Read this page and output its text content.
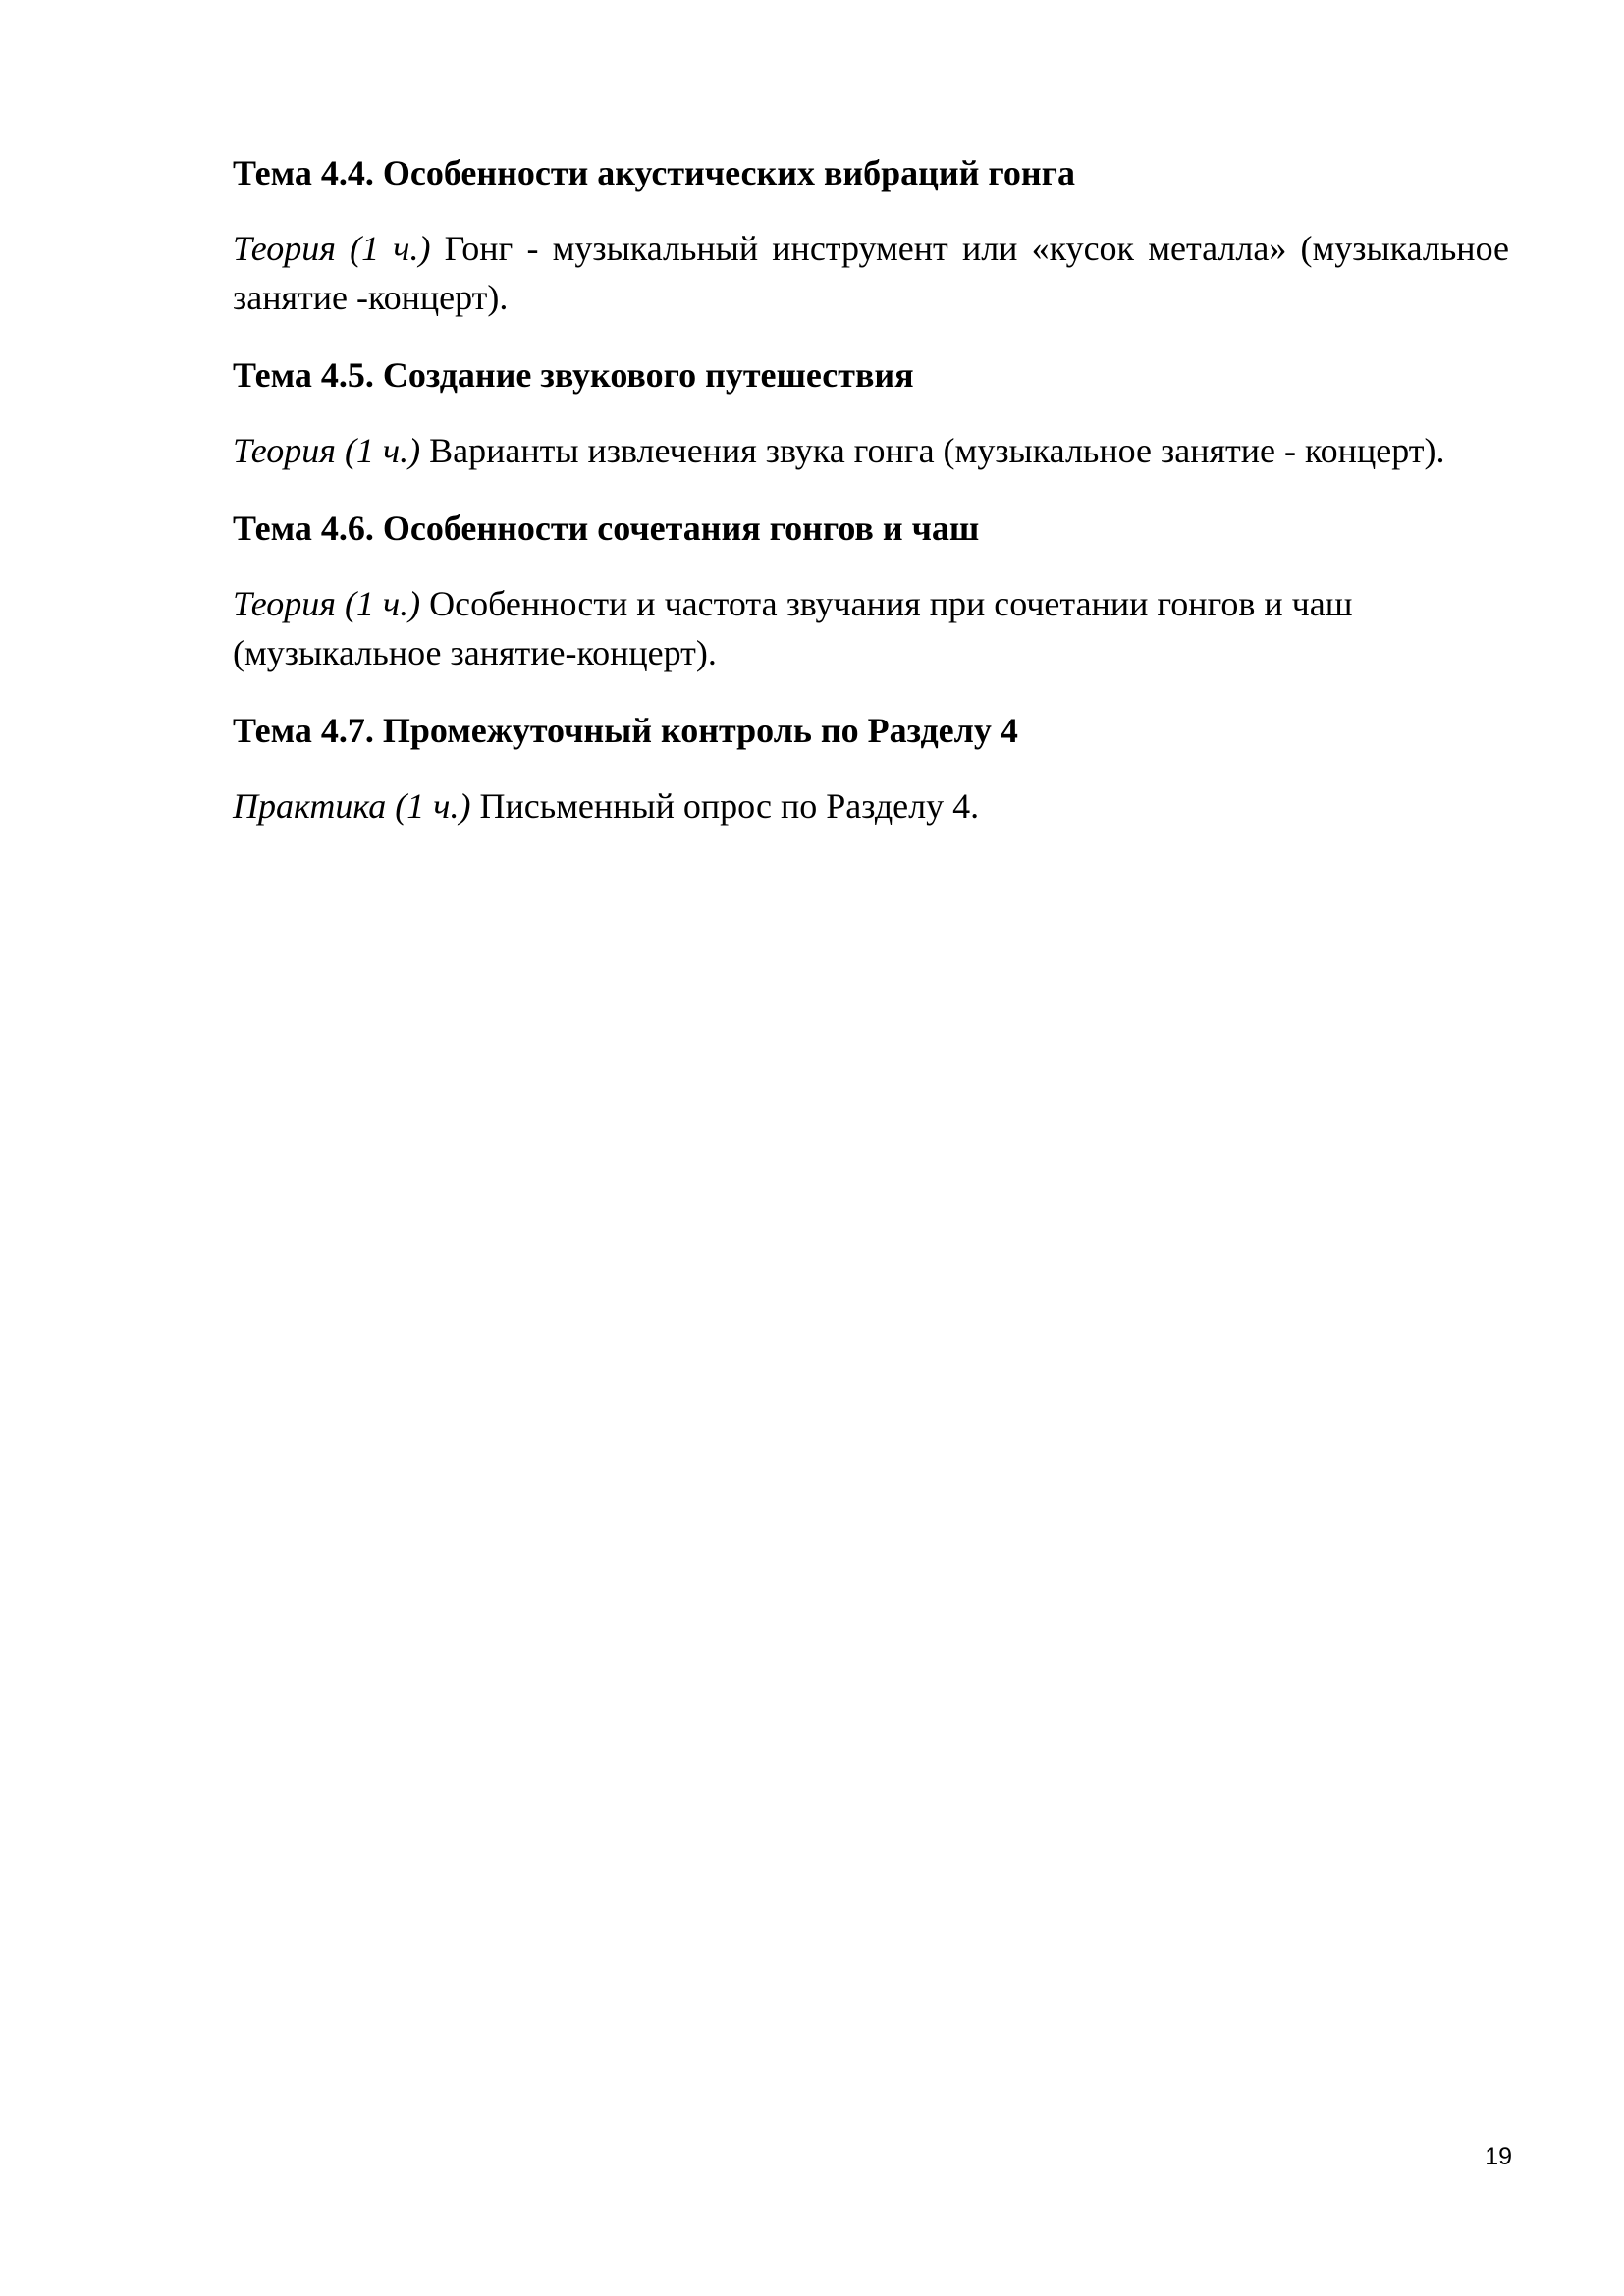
Тема 4.4. Особенности акустических вибраций гонга

Теория (1 ч.) Гонг - музыкальный инструмент или «кусок металла» (музыкальное занятие -концерт).

Тема 4.5. Создание звукового путешествия

Теория (1 ч.) Варианты извлечения звука гонга (музыкальное занятие - концерт).

Тема 4.6. Особенности сочетания гонгов и чаш

Теория (1 ч.) Особенности и частота звучания при сочетании гонгов и чаш (музыкальное занятие-концерт).

Тема 4.7. Промежуточный контроль по Разделу 4

Практика (1 ч.) Письменный опрос по Разделу 4.

19
